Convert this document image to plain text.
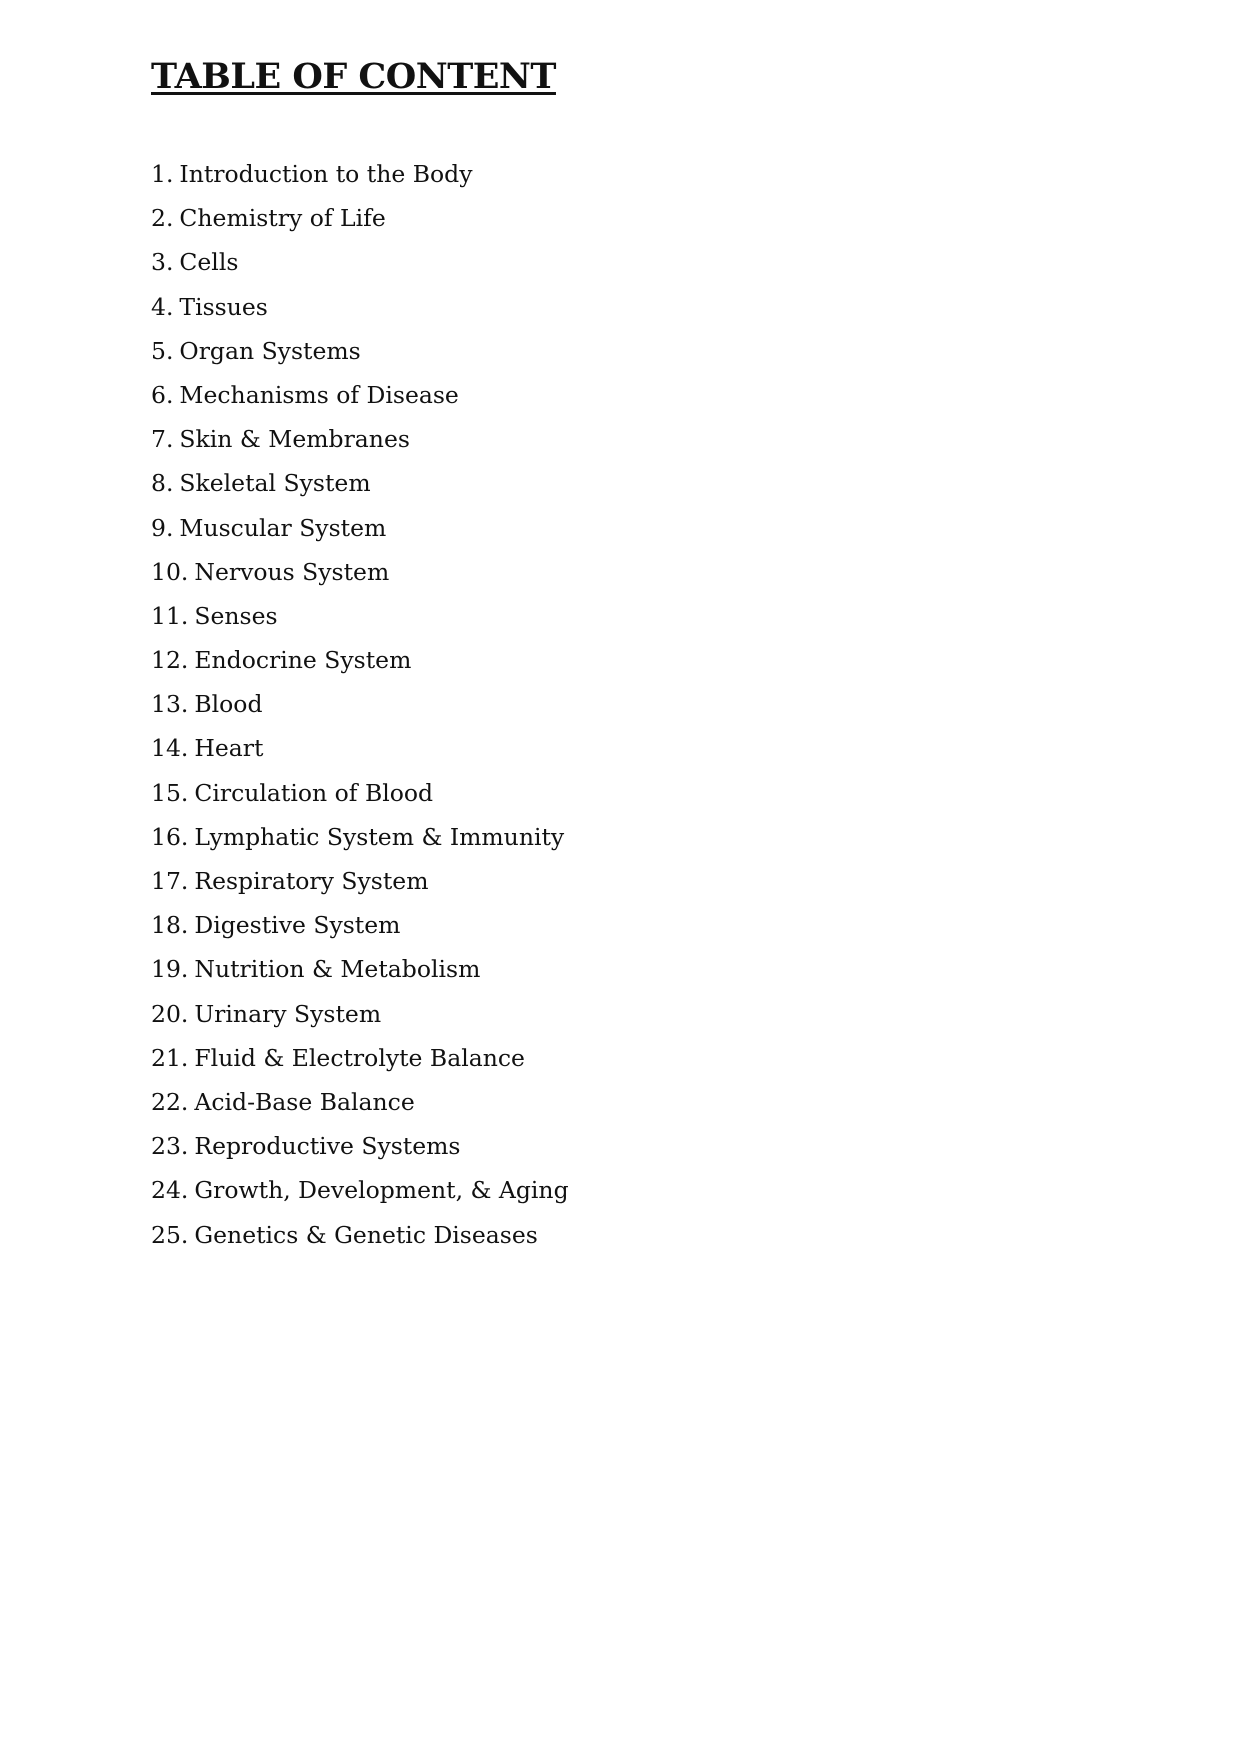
TABLE OF CONTENT
1. Introduction to the Body
2. Chemistry of Life
3. Cells
4. Tissues
5. Organ Systems
6. Mechanisms of Disease
7. Skin & Membranes
8. Skeletal System
9. Muscular System
10. Nervous System
11. Senses
12. Endocrine System
13. Blood
14. Heart
15. Circulation of Blood
16. Lymphatic System & Immunity
17. Respiratory System
18. Digestive System
19. Nutrition & Metabolism
20. Urinary System
21. Fluid & Electrolyte Balance
22. Acid-Base Balance
23. Reproductive Systems
24. Growth, Development, & Aging
25. Genetics & Genetic Diseases
